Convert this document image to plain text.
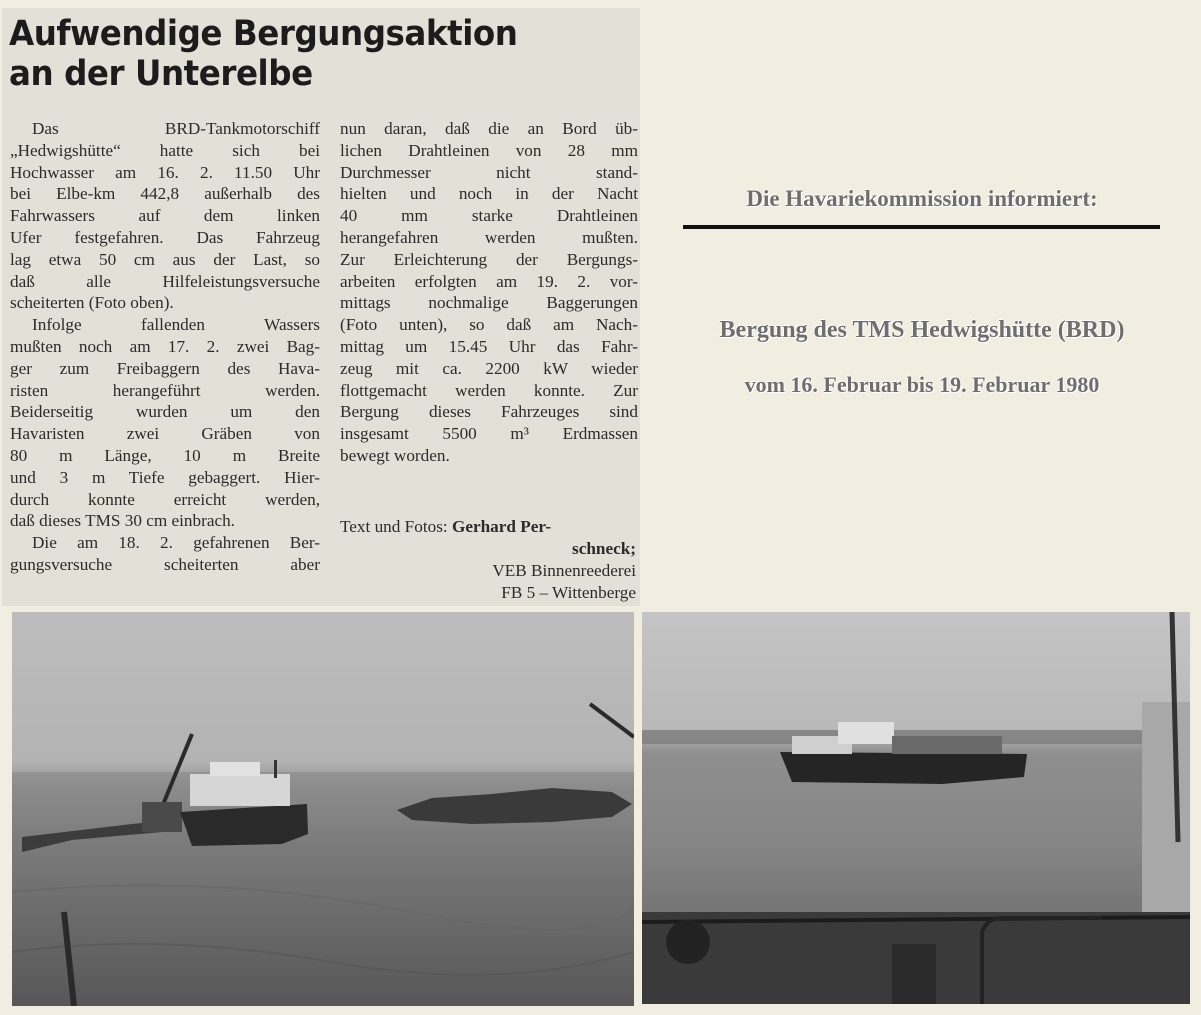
Aufwendige Bergungsaktion
an der Unterelbe

Das BRD-Tankmotorschiff

„Hedwigshütte“ hatte sich bei

Hochwasser am 16. 2. 11.50 Uhr

bei Elbe-km 442,8 außerhalb des

Fahrwassers auf dem linken

Ufer festgefahren. Das Fahrzeug

lag etwa 50 cm aus der Last, so

daß alle Hilfeleistungsversuche

scheiterten (Foto oben).

Infolge fallenden Wassers

mußten noch am 17. 2. zwei Bag-

ger zum Freibaggern des Hava-

risten herangeführt werden.

Beiderseitig wurden um den

Havaristen zwei Gräben von

80 m Länge, 10 m Breite

und 3 m Tiefe gebaggert. Hier-

durch konnte erreicht werden,

daß dieses TMS 30 cm einbrach.

Die am 18. 2. gefahrenen Ber-

gungsversuche scheiterten aber

nun daran, daß die an Bord üb-

lichen Drahtleinen von 28 mm

Durchmesser nicht stand-

hielten und noch in der Nacht

40 mm starke Drahtleinen

herangefahren werden mußten.

Zur Erleichterung der Bergungs-

arbeiten erfolgten am 19. 2. vor-

mittags nochmalige Baggerungen

(Foto unten), so daß am Nach-

mittag um 15.45 Uhr das Fahr-

zeug mit ca. 2200 kW wieder

flottgemacht werden konnte. Zur

Bergung dieses Fahrzeuges sind

insgesamt 5500 m³ Erdmassen

bewegt worden.

Text und Fotos: Gerhard Per-
schneck;
VEB Binnenreederei
FB 5 – Wittenberge
Die Havariekommission informiert:
Bergung des TMS Hedwigshütte (BRD)
vom 16. Februar bis 19. Februar 1980
